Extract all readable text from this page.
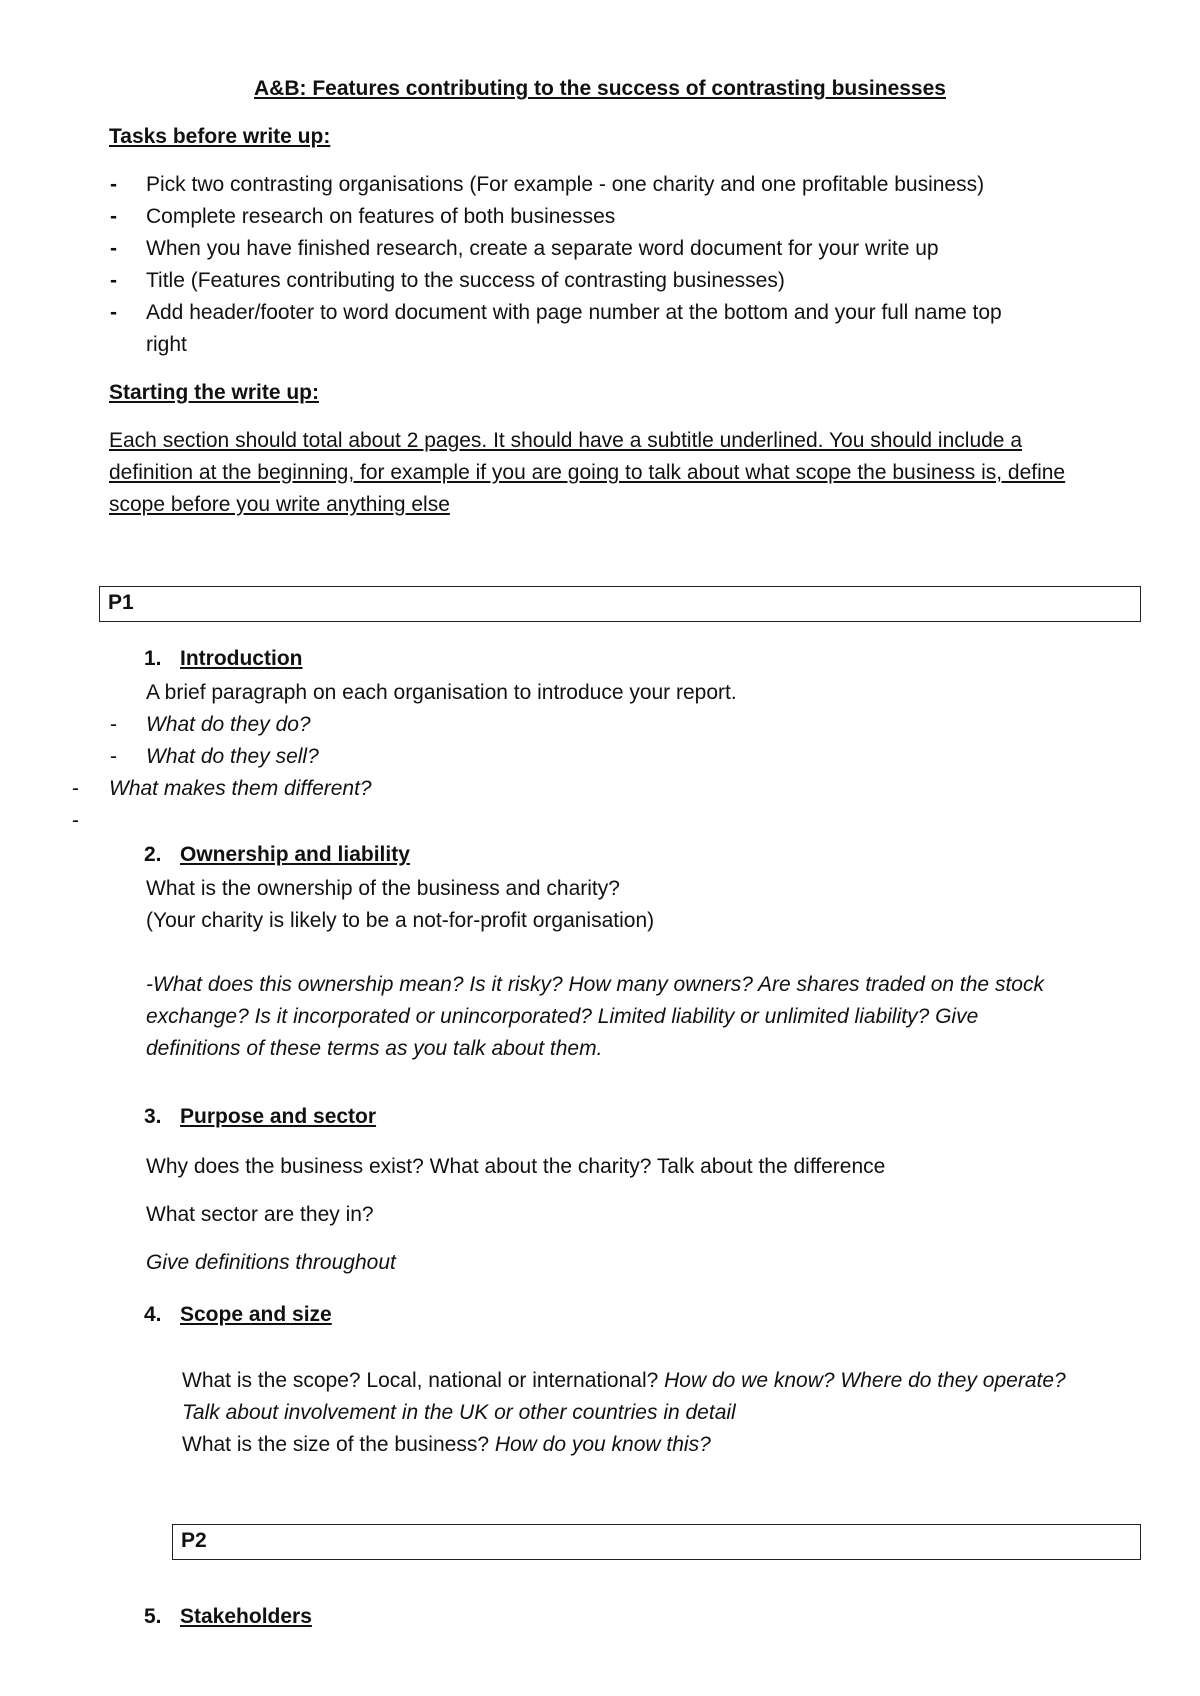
A&B: Features contributing to the success of contrasting businesses
Tasks before write up:
- Pick two contrasting organisations (For example - one charity and one profitable business)
- Complete research on features of both businesses
- When you have finished research, create a separate word document for your write up
- Title (Features contributing to the success of contrasting businesses)
- Add header/footer to word document with page number at the bottom and your full name top
right
Starting the write up:
Each section should total about 2 pages. It should have a subtitle underlined. You should include a
definition at the beginning, for example if you are going to talk about what scope the business is, define
scope before you write anything else
P1
1. Introduction
A brief paragraph on each organisation to introduce your report.
- What do they do?
- What do they sell?
- What makes them different?
-
2. Ownership and liability
What is the ownership of the business and charity?
(Your charity is likely to be a not-for-profit organisation)
-What does this ownership mean? Is it risky? How many owners? Are shares traded on the stock
exchange? Is it incorporated or unincorporated? Limited liability or unlimited liability? Give
definitions of these terms as you talk about them.
3. Purpose and sector
Why does the business exist? What about the charity? Talk about the difference
What sector are they in?
Give definitions throughout
4. Scope and size
What is the scope? Local, national or international? How do we know? Where do they operate?
Talk about involvement in the UK or other countries in detail
What is the size of the business? How do you know this?
P2
5. Stakeholders
